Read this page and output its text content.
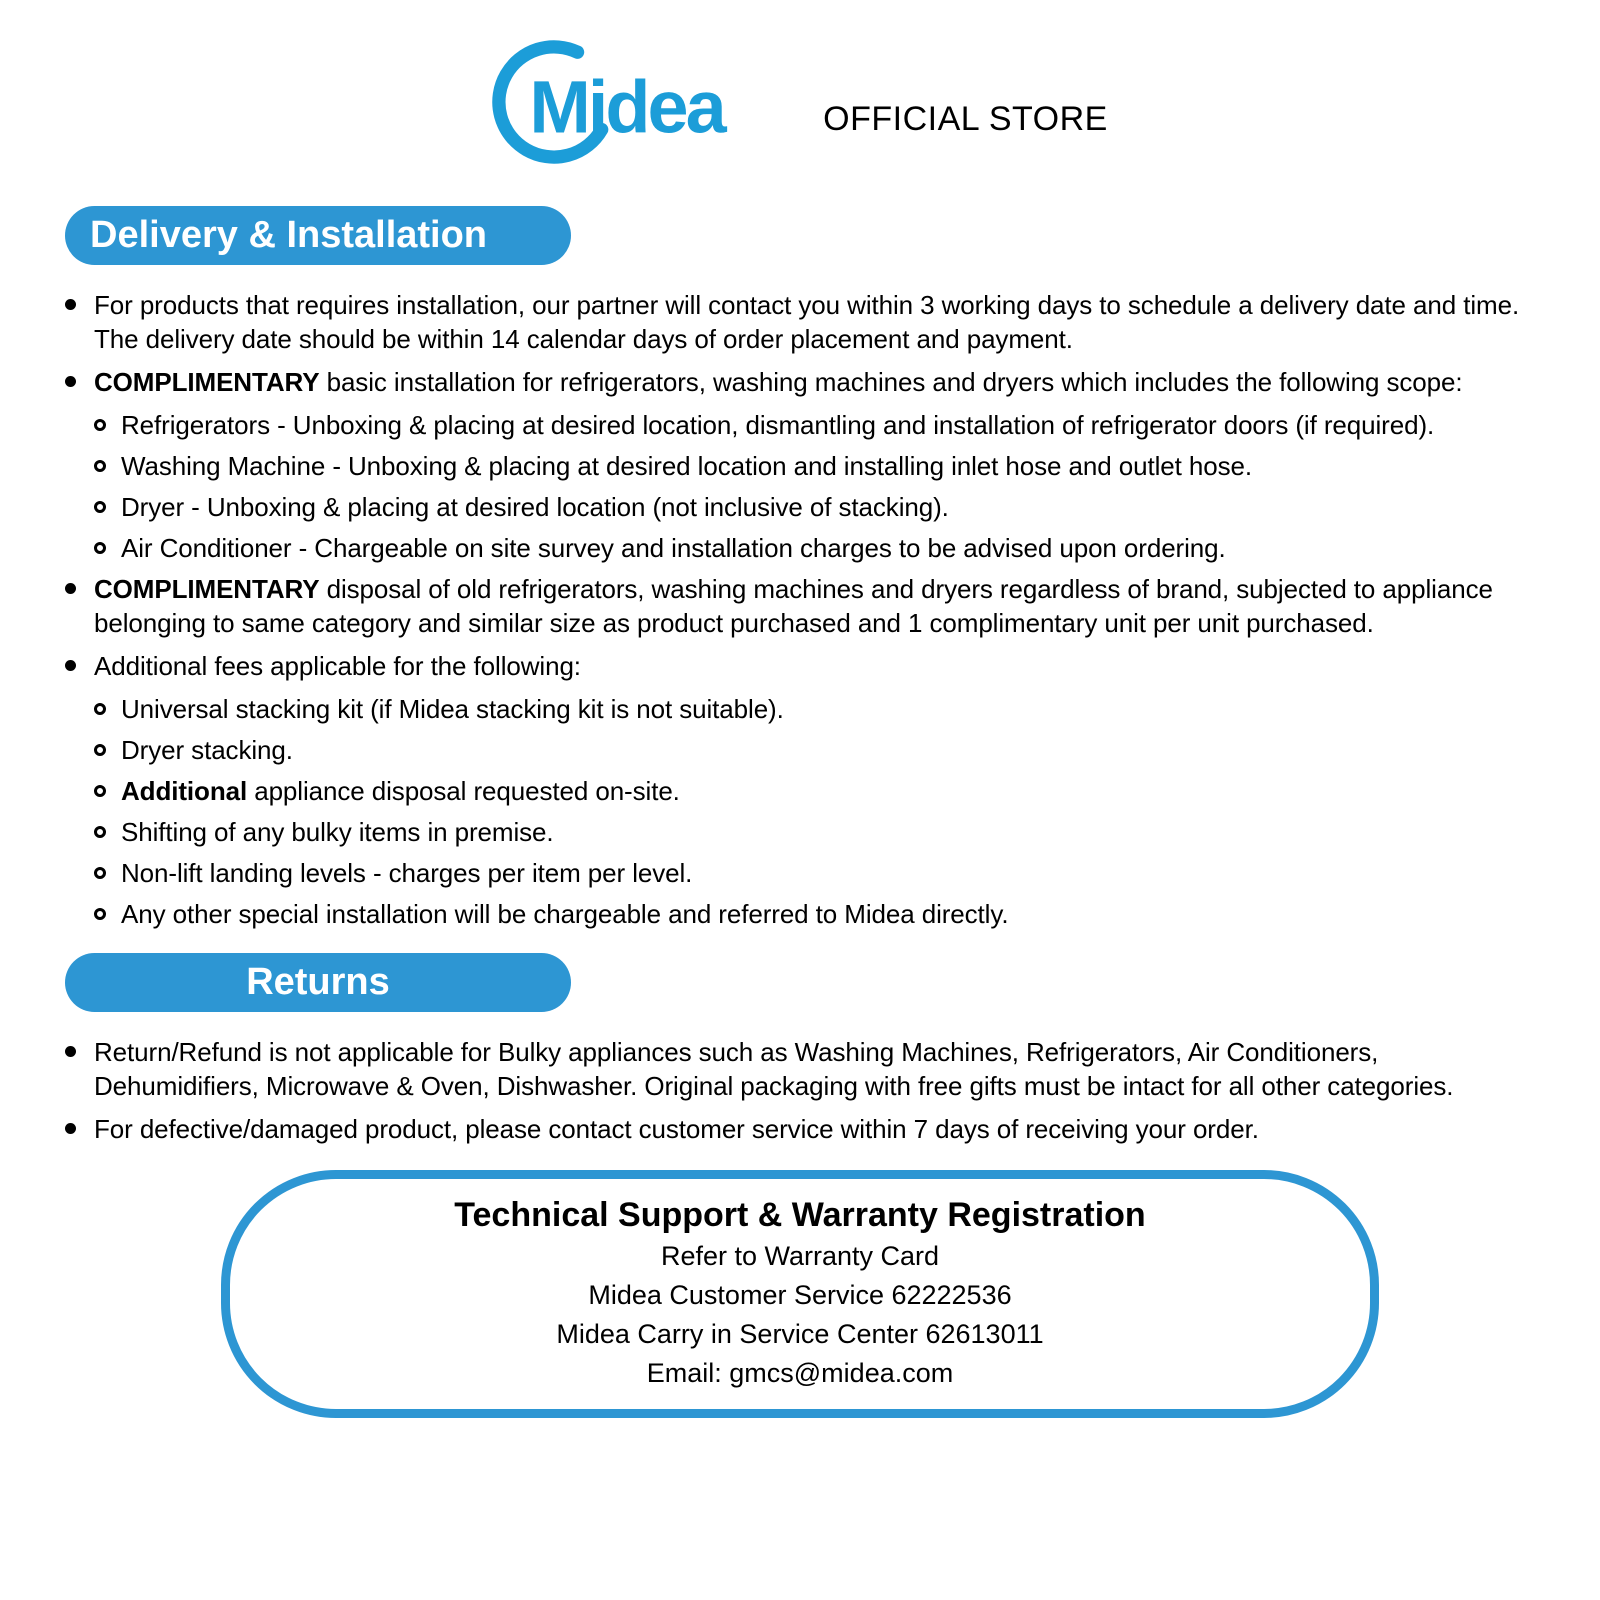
Midea	OFFICIAL STORE
Delivery & Installation
For products that requires installation, our partner will contact you within 3 working days to schedule a delivery date and time. The delivery date should be within 14 calendar days of order placement and payment.
COMPLIMENTARY basic installation for refrigerators, washing machines and dryers which includes the following scope:
Refrigerators - Unboxing & placing at desired location, dismantling and installation of refrigerator doors (if required).
Washing Machine - Unboxing & placing at desired location and installing inlet hose and outlet hose.
Dryer - Unboxing & placing at desired location (not inclusive of stacking).
Air Conditioner - Chargeable on site survey and installation charges to be advised upon ordering.
COMPLIMENTARY disposal of old refrigerators, washing machines and dryers regardless of brand, subjected to appliance belonging to same category and similar size as product purchased and 1 complimentary unit per unit purchased.
Additional fees applicable for the following:
Universal stacking kit (if Midea stacking kit is not suitable).
Dryer stacking.
Additional appliance disposal requested on-site.
Shifting of any bulky items in premise.
Non-lift landing levels - charges per item per level.
Any other special installation will be chargeable and referred to Midea directly.
Returns
Return/Refund is not applicable for Bulky appliances such as Washing Machines, Refrigerators, Air Conditioners, Dehumidifiers, Microwave & Oven, Dishwasher. Original packaging with free gifts must be intact for all other categories.
For defective/damaged product, please contact customer service within 7 days of receiving your order.
Technical Support & Warranty Registration
Refer to Warranty Card
Midea Customer Service 62222536
Midea Carry in Service Center 62613011
Email: gmcs@midea.com
